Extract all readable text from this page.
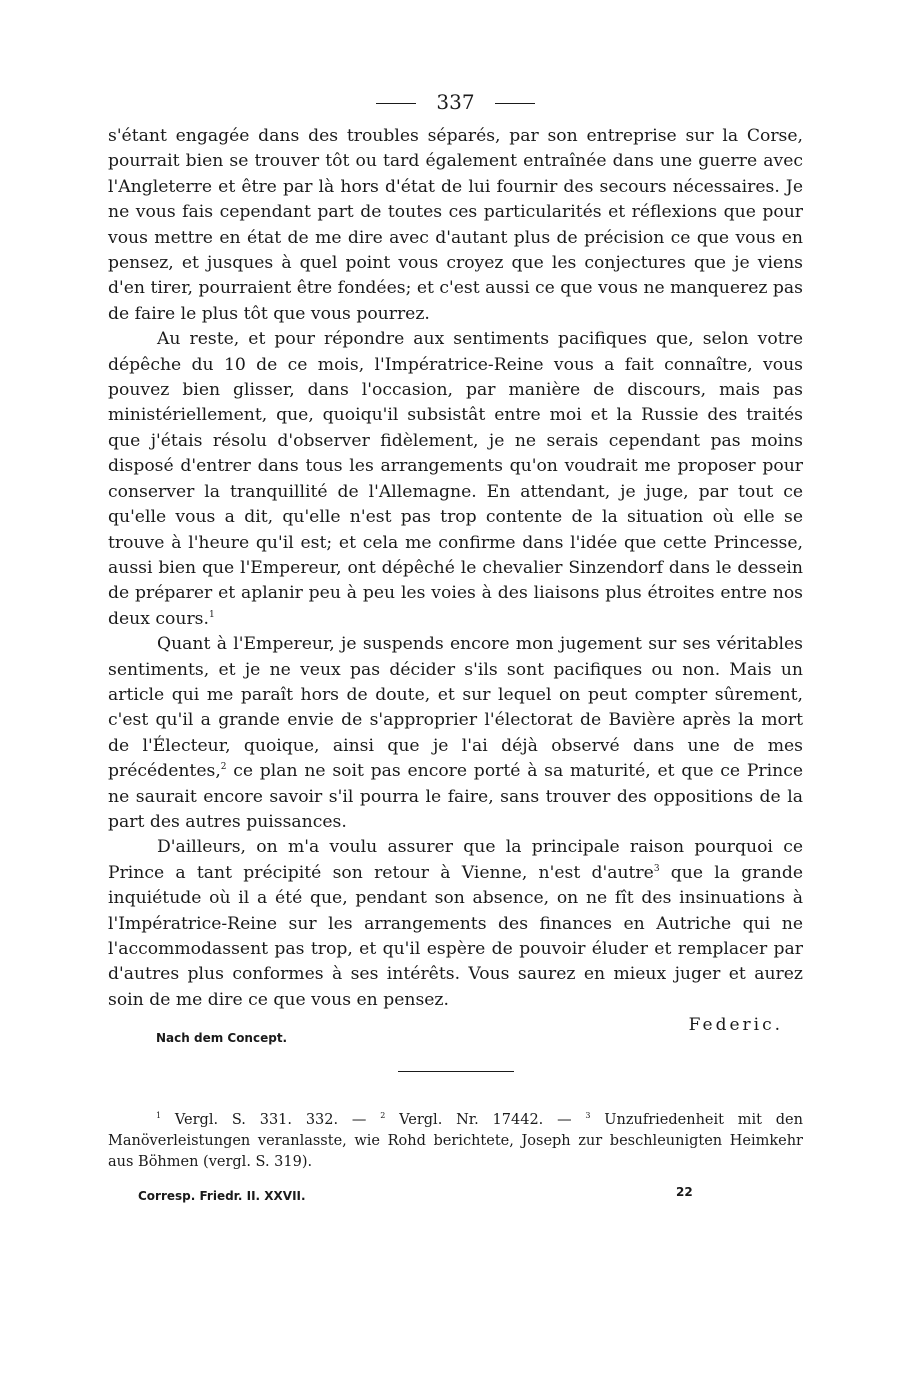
337

s'étant engagée dans des troubles séparés, par son entreprise sur la Corse, pourrait bien se trouver tôt ou tard également entraînée dans une guerre avec l'Angleterre et être par là hors d'état de lui fournir des secours nécessaires. Je ne vous fais cependant part de toutes ces particularités et réflexions que pour vous mettre en état de me dire avec d'autant plus de précision ce que vous en pensez, et jusques à quel point vous croyez que les conjectures que je viens d'en tirer, pourraient être fondées; et c'est aussi ce que vous ne manquerez pas de faire le plus tôt que vous pourrez.

Au reste, et pour répondre aux sentiments pacifiques que, selon votre dépêche du 10 de ce mois, l'Impératrice-Reine vous a fait connaître, vous pouvez bien glisser, dans l'occasion, par manière de discours, mais pas ministériellement, que, quoiqu'il subsistât entre moi et la Russie des traités que j'étais résolu d'observer fidèlement, je ne serais cependant pas moins disposé d'entrer dans tous les arrangements qu'on voudrait me proposer pour conserver la tranquillité de l'Allemagne. En attendant, je juge, par tout ce qu'elle vous a dit, qu'elle n'est pas trop contente de la situation où elle se trouve à l'heure qu'il est; et cela me confirme dans l'idée que cette Princesse, aussi bien que l'Empereur, ont dépêché le chevalier Sinzendorf dans le dessein de préparer et aplanir peu à peu les voies à des liaisons plus étroites entre nos deux cours.$^1$

Quant à l'Empereur, je suspends encore mon jugement sur ses véritables sentiments, et je ne veux pas décider s'ils sont pacifiques ou non. Mais un article qui me paraît hors de doute, et sur lequel on peut compter sûrement, c'est qu'il a grande envie de s'approprier l'électorat de Bavière après la mort de l'Électeur, quoique, ainsi que je l'ai déjà observé dans une de mes précédentes,$^2$ ce plan ne soit pas encore porté à sa maturité, et que ce Prince ne saurait encore savoir s'il pourra le faire, sans trouver des oppositions de la part des autres puissances.

D'ailleurs, on m'a voulu assurer que la principale raison pourquoi ce Prince a tant précipité son retour à Vienne, n'est d'autre$^3$ que la grande inquiétude où il a été que, pendant son absence, on ne fît des insinuations à l'Impératrice-Reine sur les arrangements des finances en Autriche qui ne l'accommodassent pas trop, et qu'il espère de pouvoir éluder et remplacer par d'autres plus conformes à ses intérêts. Vous saurez en mieux juger et aurez soin de me dire ce que vous en pensez.

Nach dem Concept.
Federic.
$^1$ Vergl. S. 331. 332. — $^2$ Vergl. Nr. 17442. — $^3$ Unzufriedenheit mit den Manöverleistungen veranlasste, wie Rohd berichtete, Joseph zur beschleunigten Heimkehr aus Böhmen (vergl. S. 319).
Corresp. Friedr. II. XXVII.	22
